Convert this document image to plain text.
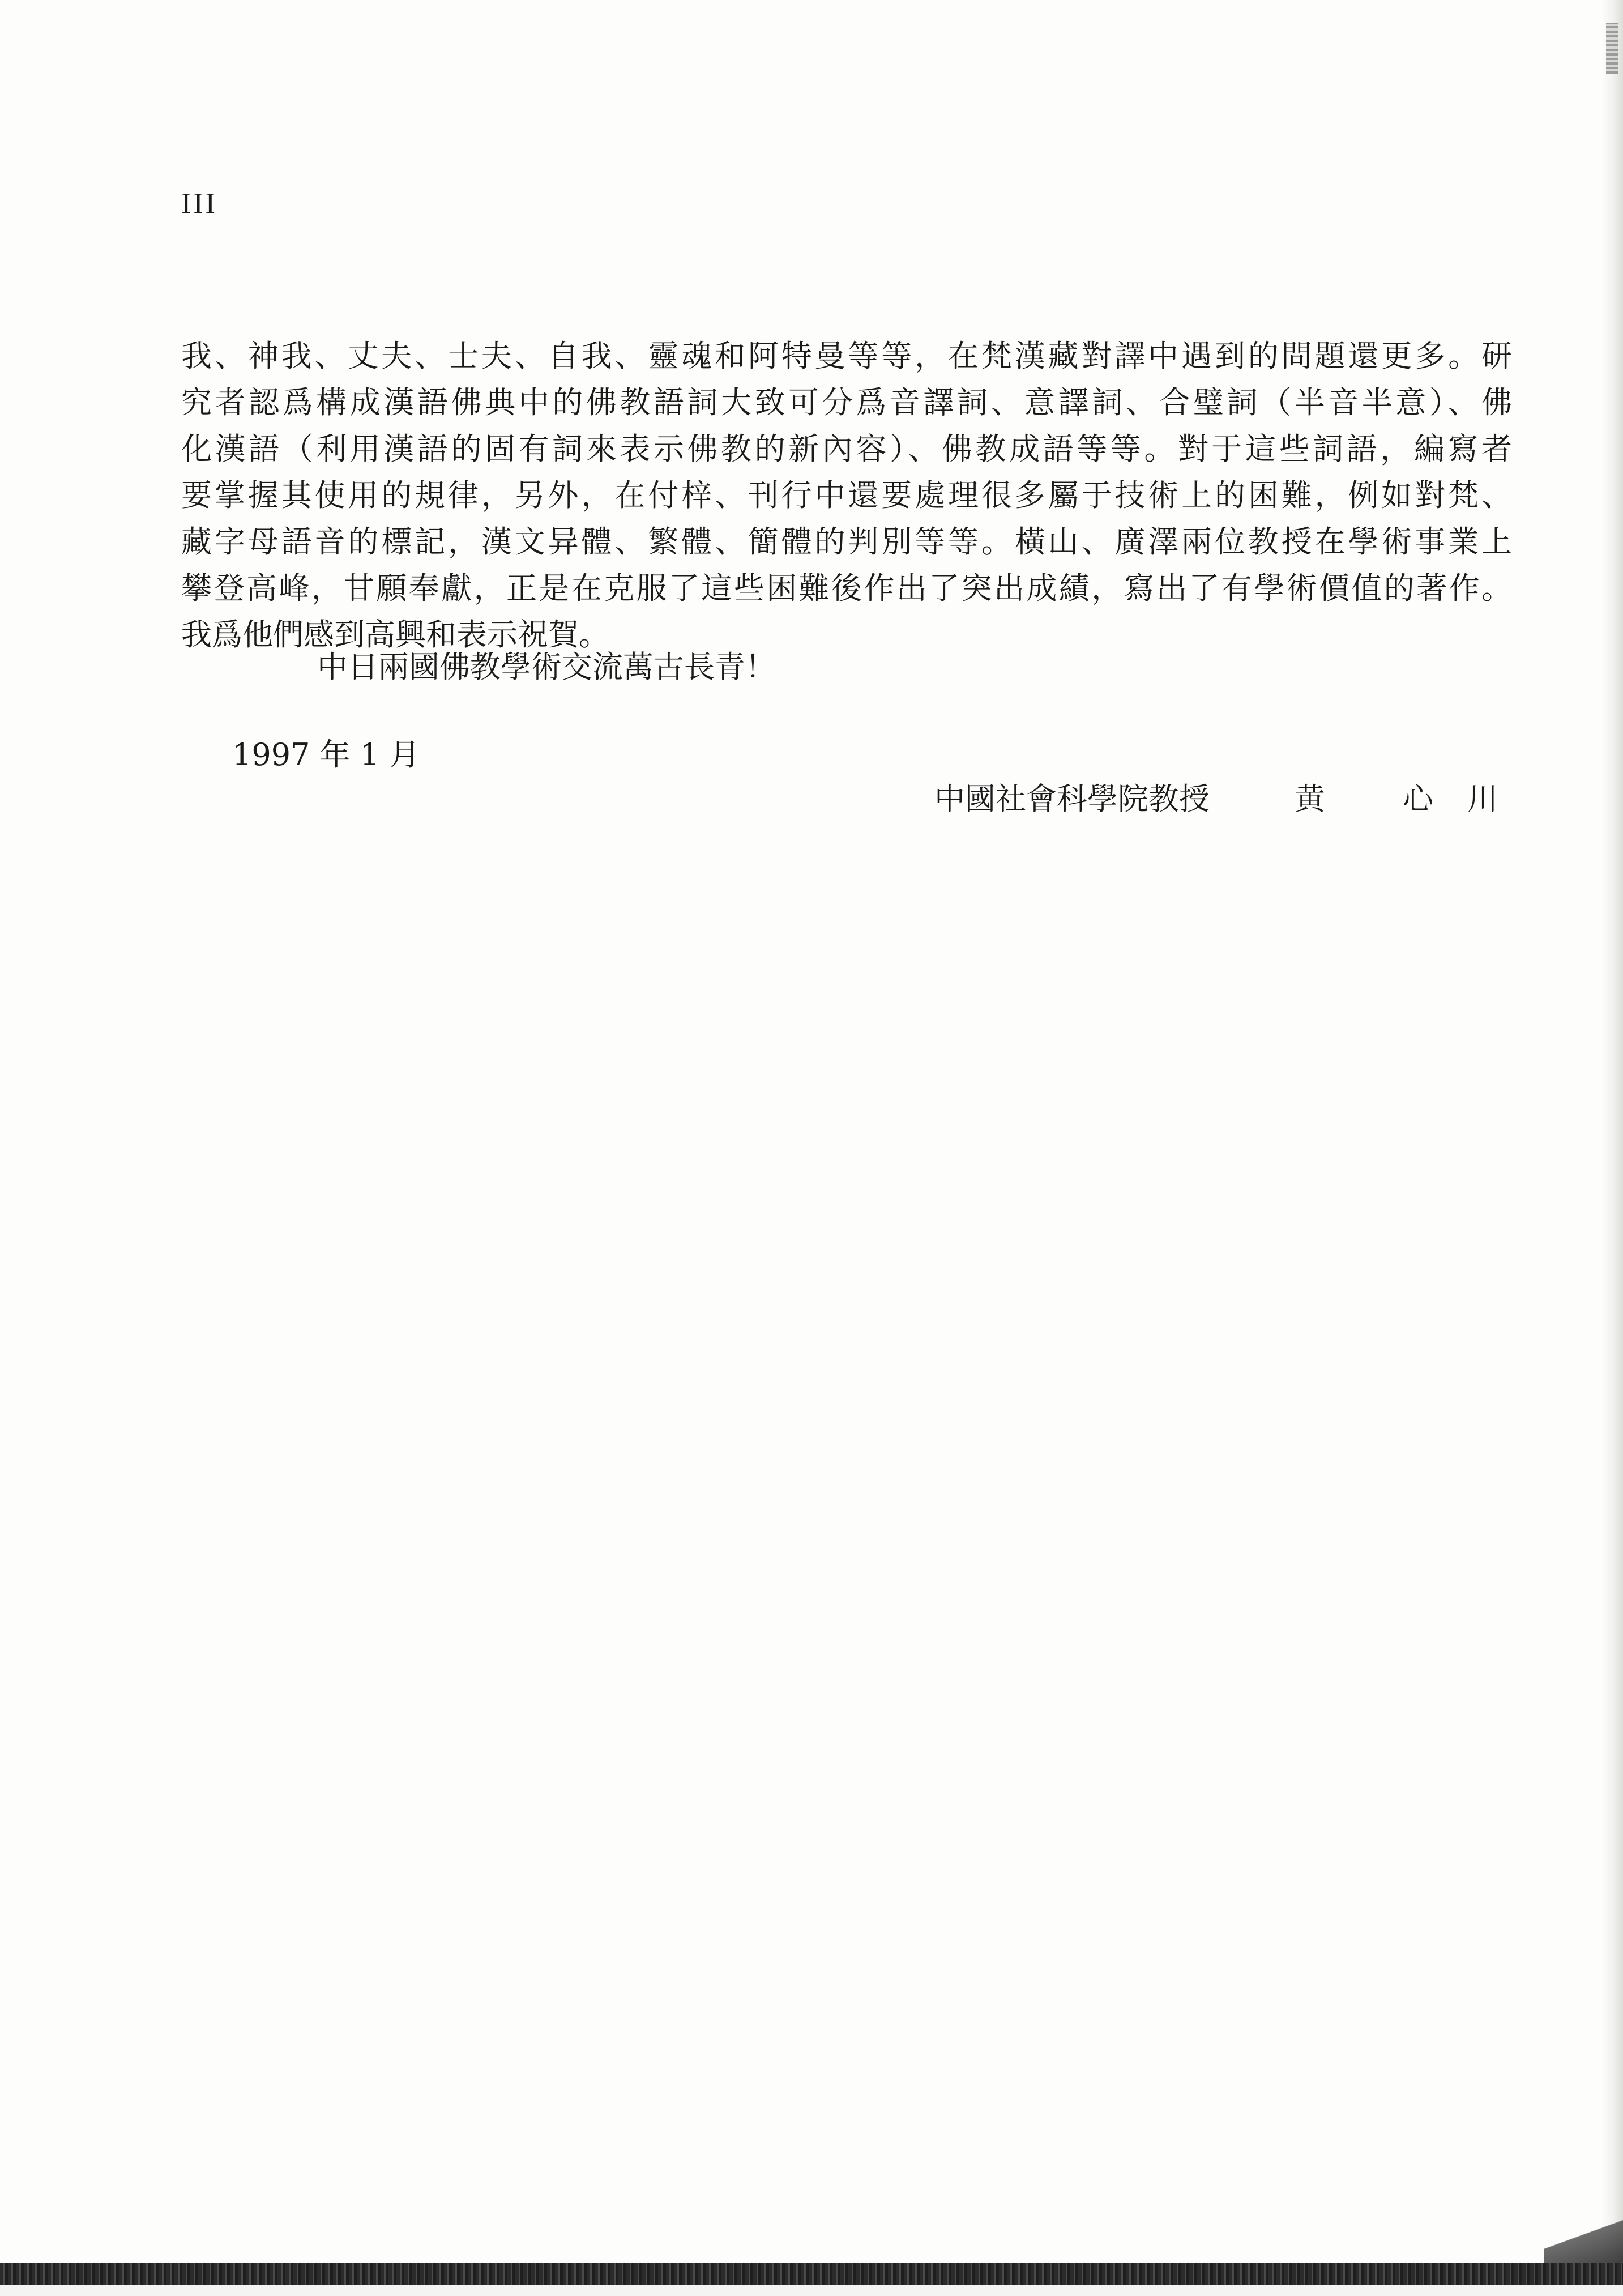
III
我、神我、丈夫、士夫、自我、靈魂和阿特曼等等，在梵漢藏對譯中遇到的問題還更多。研
究者認爲構成漢語佛典中的佛教語詞大致可分爲音譯詞、意譯詞、合璧詞（半音半意）、佛
化漢語（利用漢語的固有詞來表示佛教的新內容）、佛教成語等等。對于這些詞語，編寫者
要掌握其使用的規律，另外，在付梓、刊行中還要處理很多屬于技術上的困難，例如對梵、
藏字母語音的標記，漢文异體、繁體、簡體的判別等等。橫山、廣澤兩位教授在學術事業上
攀登高峰，甘願奉獻，正是在克服了這些困難後作出了突出成績，寫出了有學術價值的著作。
我爲他們感到高興和表示祝賀。
中日兩國佛教學術交流萬古長青！
1997 年 1 月
中國社會科學院教授	黄 心川
